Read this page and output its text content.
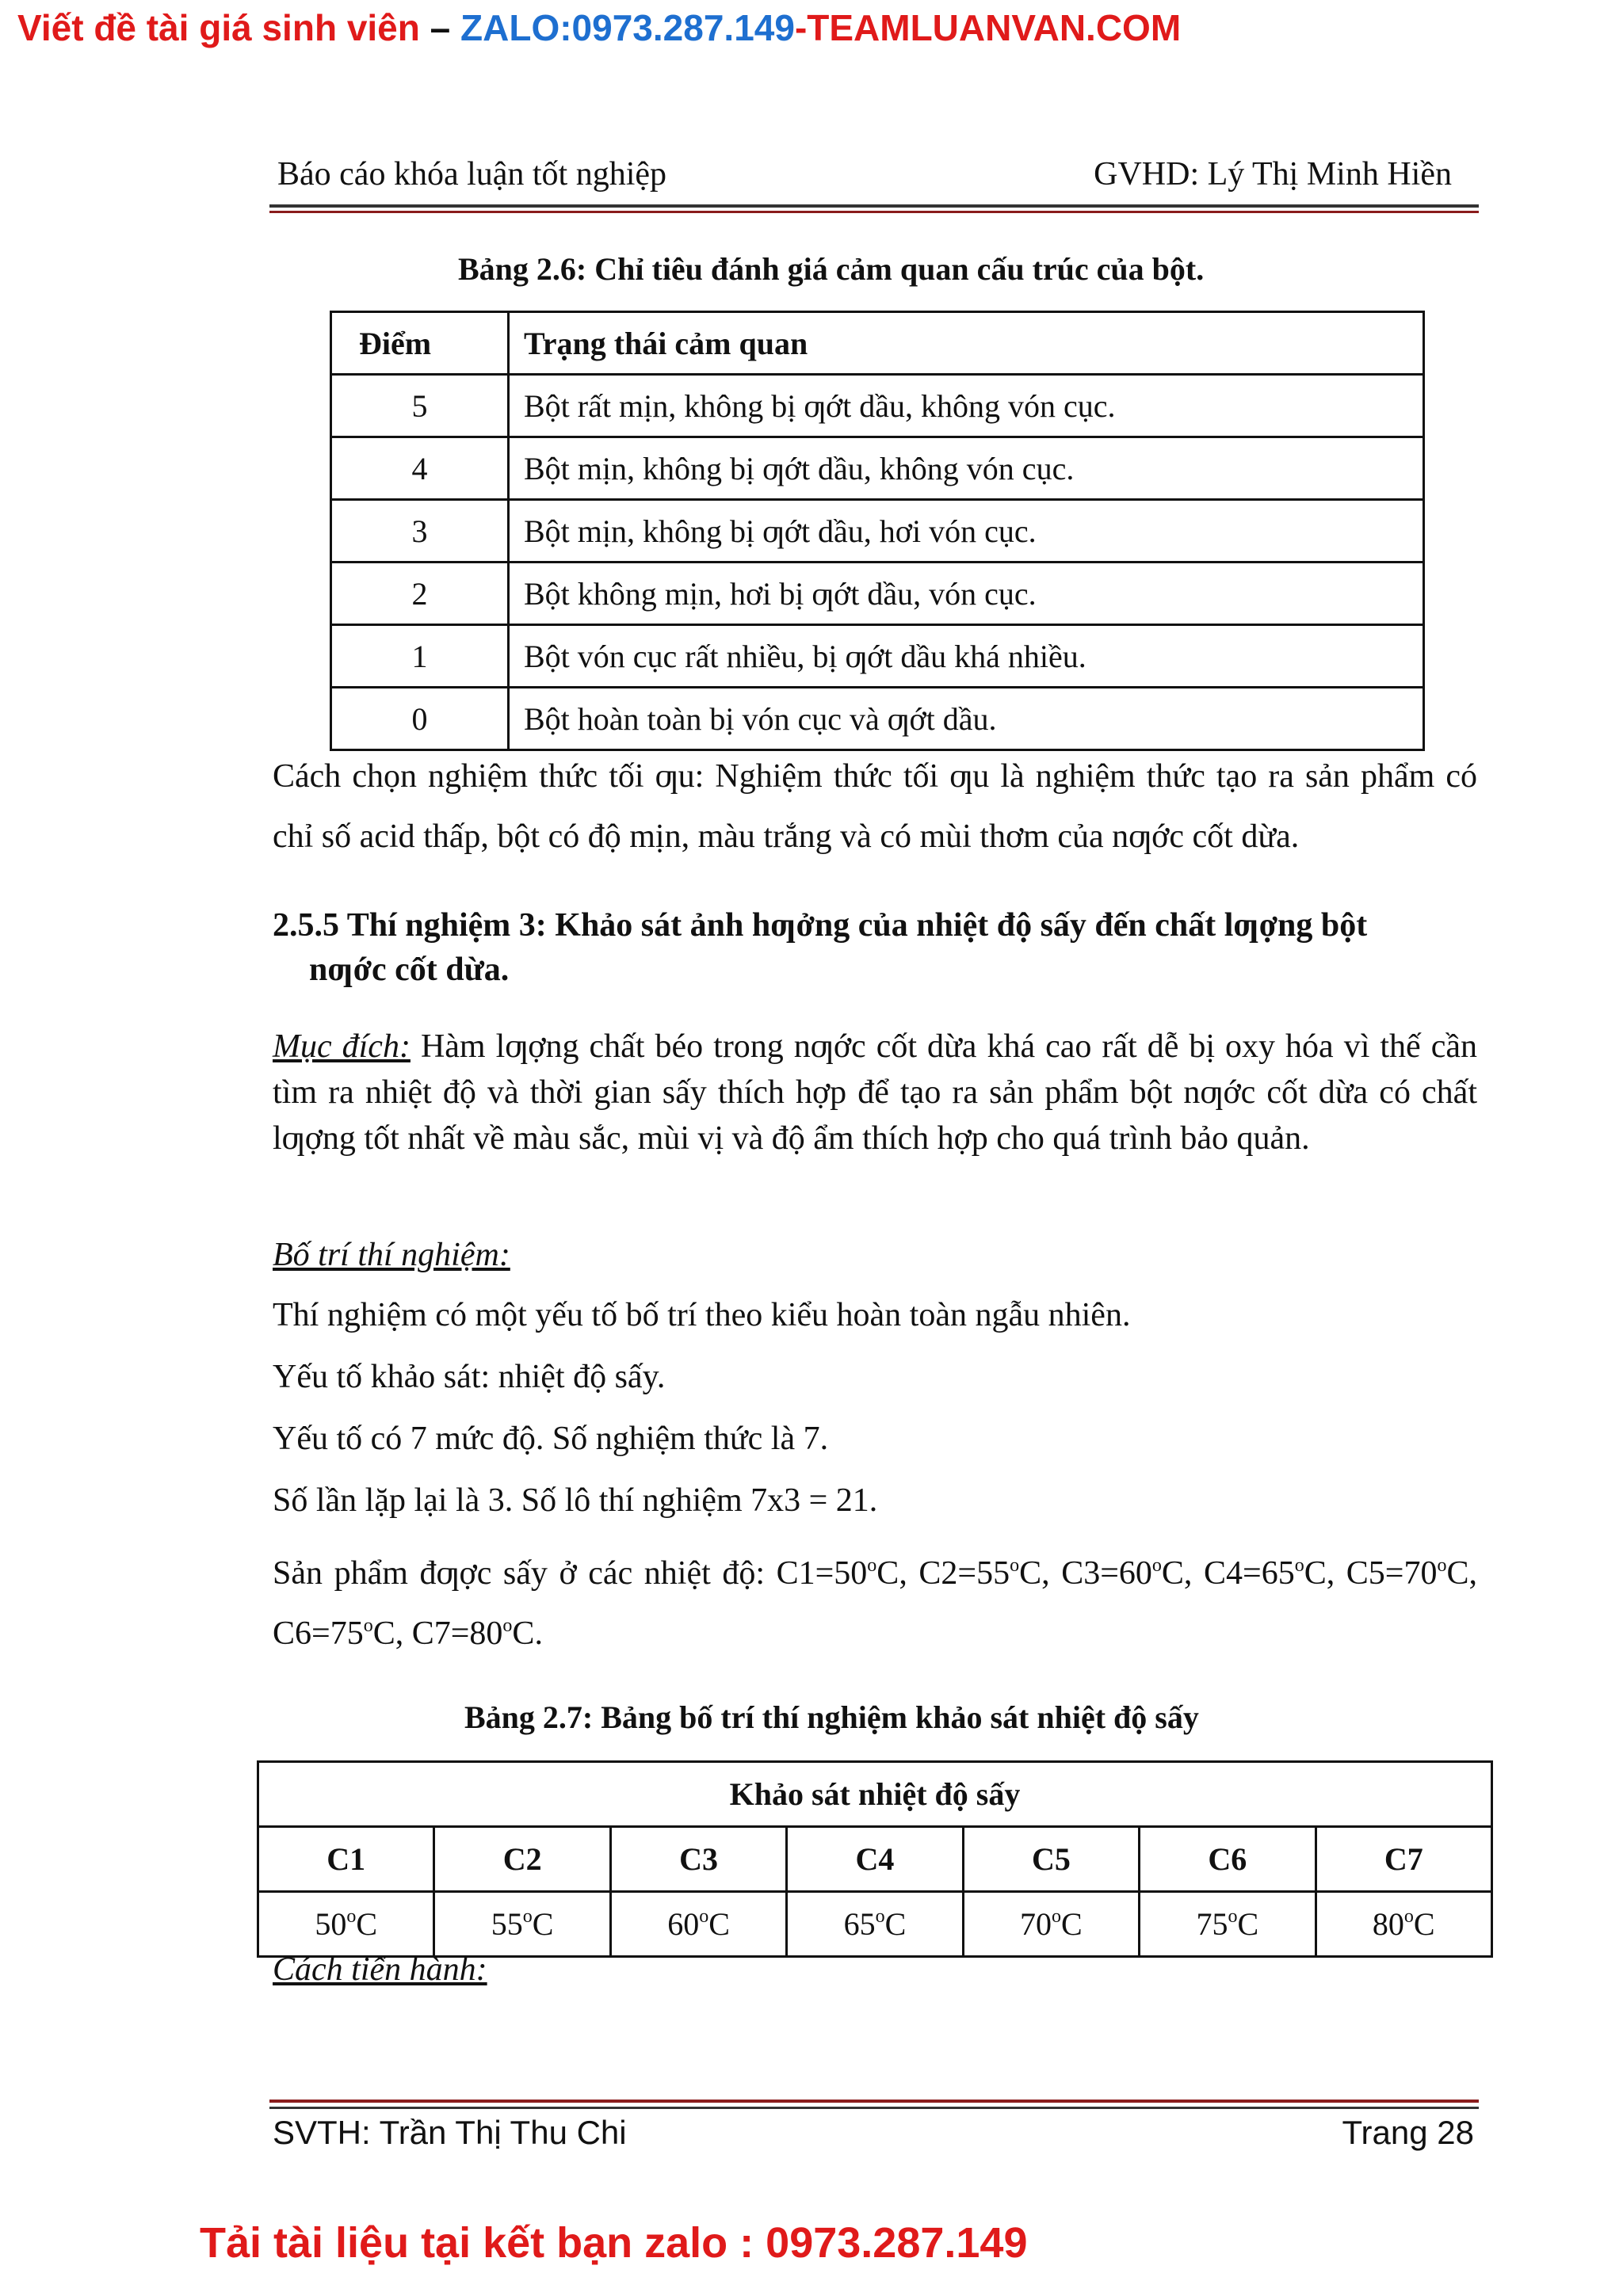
Viết đề tài giá sinh viên – ZALO:0973.287.149-TEAMLUANVAN.COM
Báo cáo khóa luận tốt nghiệp	GVHD: Lý Thị Minh Hiền
Bảng 2.6: Chỉ tiêu đánh giá cảm quan cấu trúc của bột.
Điểm	Trạng thái cảm quan
5	Bột rất mịn, không bị ƣớt dầu, không vón cục.
4	Bột mịn, không bị ƣớt dầu, không vón cục.
3	Bột mịn, không bị ƣớt dầu, hơi vón cục.
2	Bột không mịn, hơi bị ƣớt dầu, vón cục.
1	Bột vón cục rất nhiều, bị ƣớt dầu khá nhiều.
0	Bột hoàn toàn bị vón cục và ƣớt dầu.
Cách chọn nghiệm thức tối ƣu: Nghiệm thức tối ƣu là nghiệm thức tạo ra sản phẩm có chỉ số acid thấp, bột có độ mịn, màu trắng và có mùi thơm của nƣớc cốt dừa.
2.5.5 Thí nghiệm 3: Khảo sát ảnh hƣởng của nhiệt độ sấy đến chất lƣợng bột
nƣớc cốt dừa.
Mục đích: Hàm lƣợng chất béo trong nƣớc cốt dừa khá cao rất dễ bị oxy hóa vì thế cần tìm ra nhiệt độ và thời gian sấy thích hợp để tạo ra sản phẩm bột nƣớc cốt dừa có chất lƣợng tốt nhất về màu sắc, mùi vị và độ ẩm thích hợp cho quá trình bảo quản.
Bố trí thí nghiệm:
Thí nghiệm có một yếu tố bố trí theo kiểu hoàn toàn ngẫu nhiên.
Yếu tố khảo sát: nhiệt độ sấy.
Yếu tố có 7 mức độ. Số nghiệm thức là 7.
Số lần lặp lại là 3. Số lô thí nghiệm 7x3 = 21.
Sản phẩm đƣợc sấy ở các nhiệt độ: $C1=50^oC$, $C2=55^oC$, $C3=60^oC$, $C4=65^oC$, $C5=70^oC$, $C6=75^oC$, $C7=80^oC$.
Bảng 2.7: Bảng bố trí thí nghiệm khảo sát nhiệt độ sấy
Khảo sát nhiệt độ sấy						
C1	C2	C3	C4	C5	C6	C7
50$^o$C	55$^o$C	60$^o$C	65$^o$C	70$^o$C	75$^o$C	80$^o$C
Cách tiến hành:
SVTH: Trần Thị Thu Chi	Trang 28
Tải tài liệu tại kết bạn zalo : 0973.287.149
